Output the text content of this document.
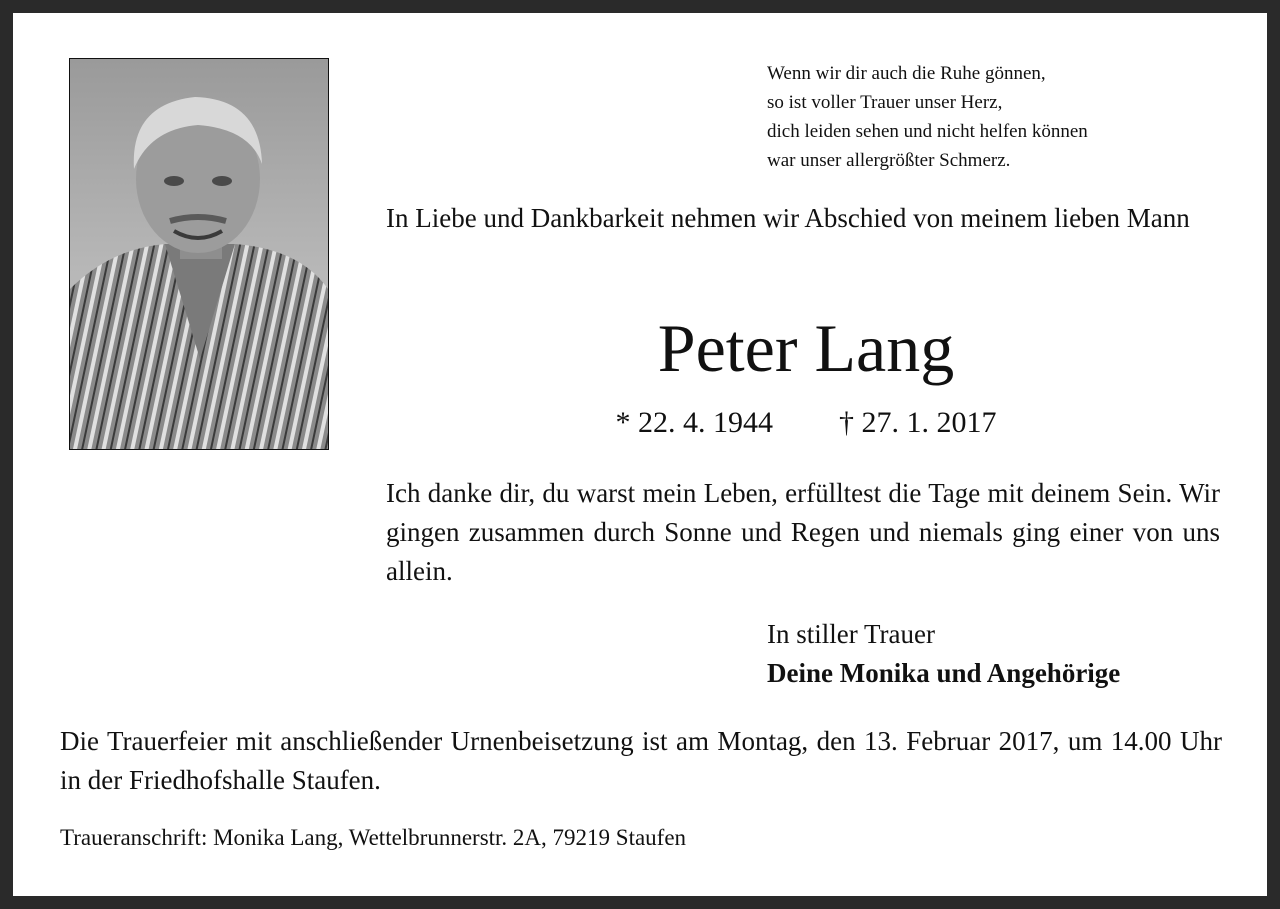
Wenn wir dir auch die Ruhe gönnen,
so ist voller Trauer unser Herz,
dich leiden sehen und nicht helfen können
war unser allergrößter Schmerz.
In Liebe und Dankbarkeit nehmen wir Abschied von meinem lieben Mann
Peter Lang
* 22. 4. 1944 † 27. 1. 2017
Ich danke dir, du warst mein Leben, erfülltest die Tage mit deinem Sein. Wir gingen zusammen durch Sonne und Regen und niemals ging einer von uns allein.
In stiller Trauer
Deine Monika und Angehörige
Die Trauerfeier mit anschließender Urnenbeisetzung ist am Montag, den 13. Februar 2017, um 14.00 Uhr in der Friedhofshalle Staufen.
Traueranschrift: Monika Lang, Wettelbrunnerstr. 2A, 79219 Staufen
